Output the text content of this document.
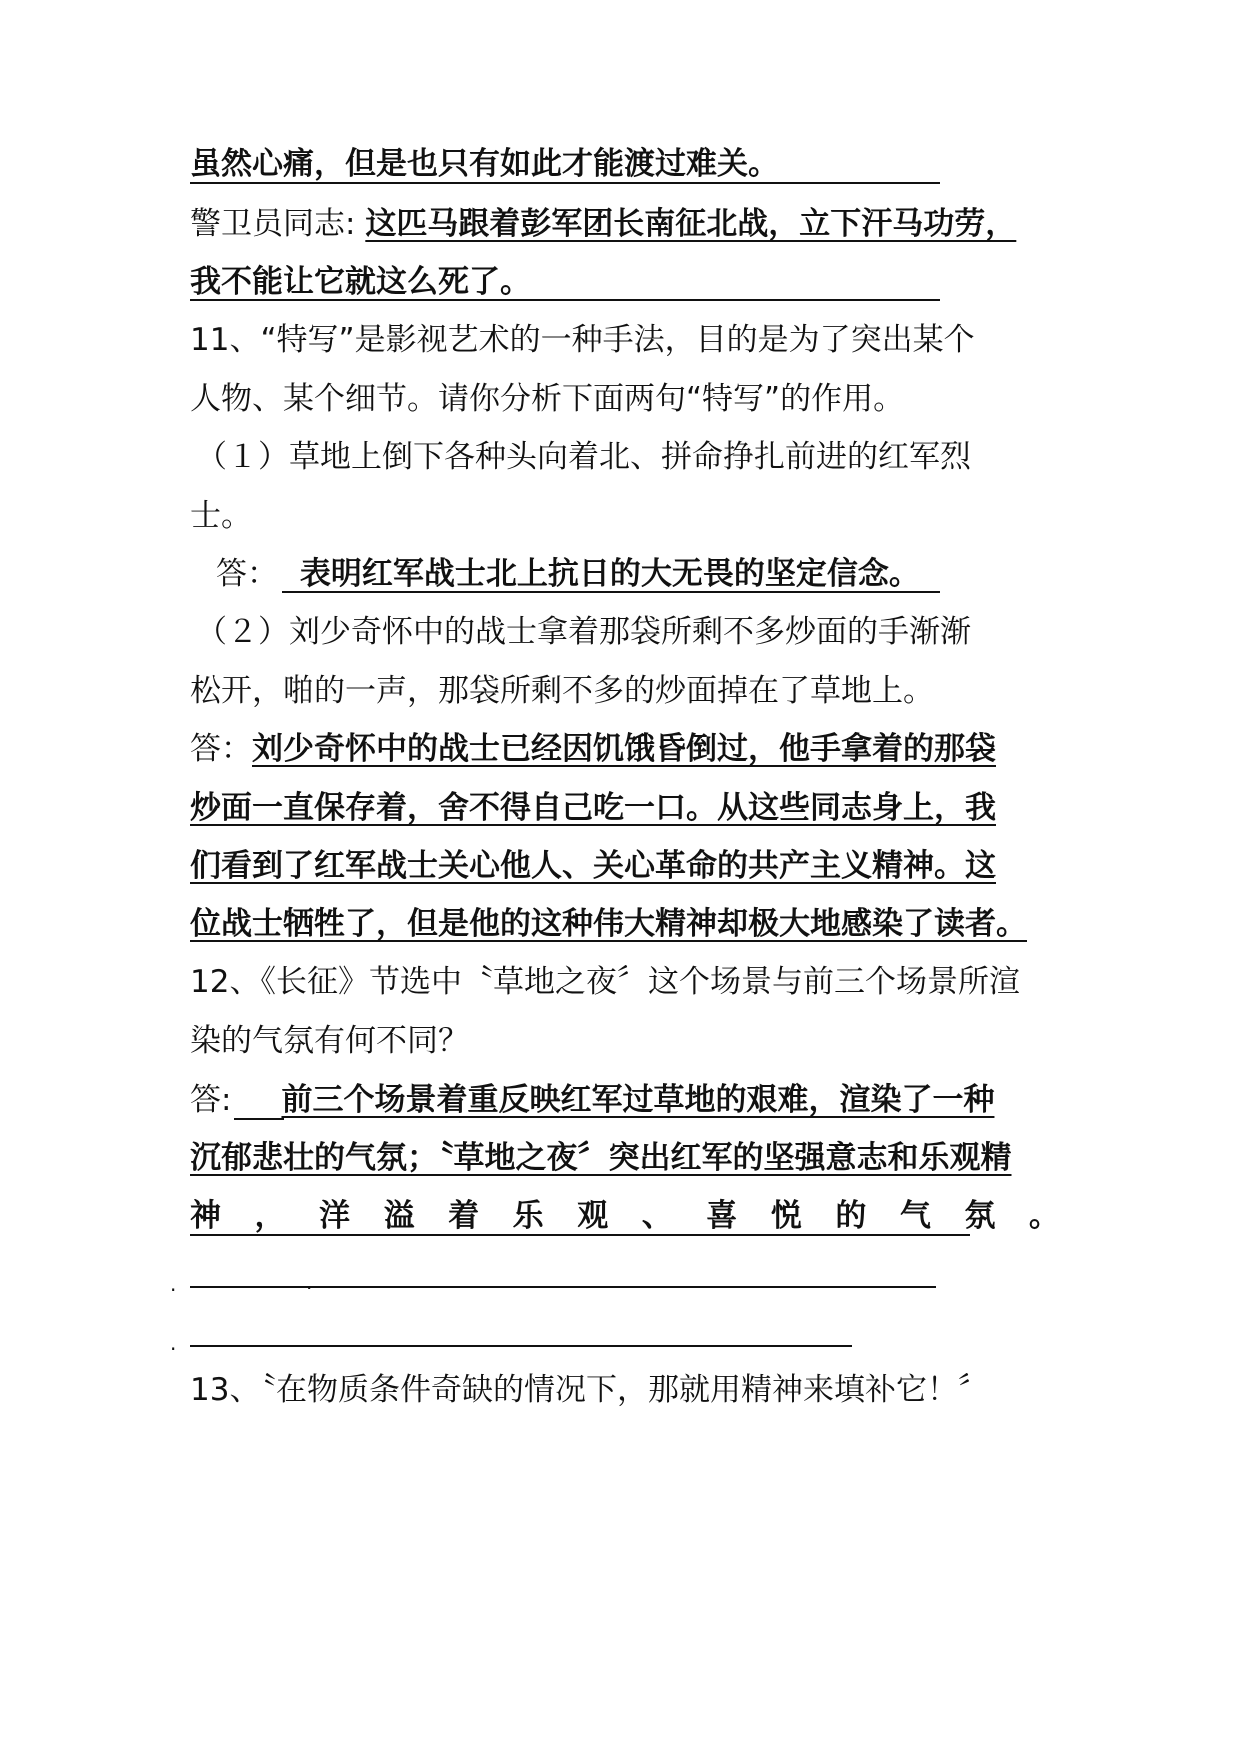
虽然心痛，但是也只有如此才能渡过难关。
警卫员同志: 这匹马跟着彭军团长南征北战，立下汗马功劳，
我不能让它就这么死了。
11、“特写”是影视艺术的一种手法，目的是为了突出某个
人物、某个细节。请你分析下面两句“特写”的作用。
（１）草地上倒下各种头向着北、拼命挣扎前进的红军烈
士。
答： 表明红军战士北上抗日的大无畏的坚定信念。
（２）刘少奇怀中的战士拿着那袋所剩不多炒面的手渐渐
松开，啪的一声，那袋所剩不多的炒面掉在了草地上。
答：刘少奇怀中的战士已经因饥饿昏倒过，他手拿着的那袋
炒面一直保存着，舍不得自己吃一口。从这些同志身上，我
们看到了红军战士关心他人、关心革命的共产主义精神。这
位战士牺牲了，但是他的这种伟大精神却极大地感染了读者。
12、《长征》节选中〝草地之夜〞这个场景与前三个场景所渲
染的气氛有何不同？
答: 前三个场景着重反映红军过草地的艰难，渲染了一种
沉郁悲壮的气氛；〝草地之夜〞突出红军的坚强意志和乐观精
神 ， 洋 溢 着 乐 观 、 喜 悦 的 气 氛 。
·	·
·
13、〝在物质条件奇缺的情况下，那就用精神来填补它！〞
